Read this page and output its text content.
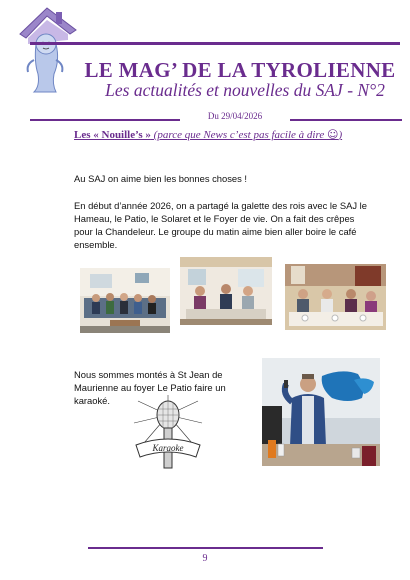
LE MAG’ DE LA TYROLIENNE
Les actualités et nouvelles du SAJ - N°2
Du 29/04/2026
Les « Nouille’s » (parce que News c’est pas facile à dire ☺)
Au SAJ on aime bien les bonnes choses !
En début d’année 2026, on a partagé la galette des rois avec le SAJ le Hameau, le Patio, le Solaret et le Foyer de vie. On a fait des crêpes pour la Chandeleur. Le groupe du matin aime bien aller boire le café ensemble.
Nous sommes montés à St Jean de Maurienne au foyer Le Patio faire un karaoké.
Karaoke
9
